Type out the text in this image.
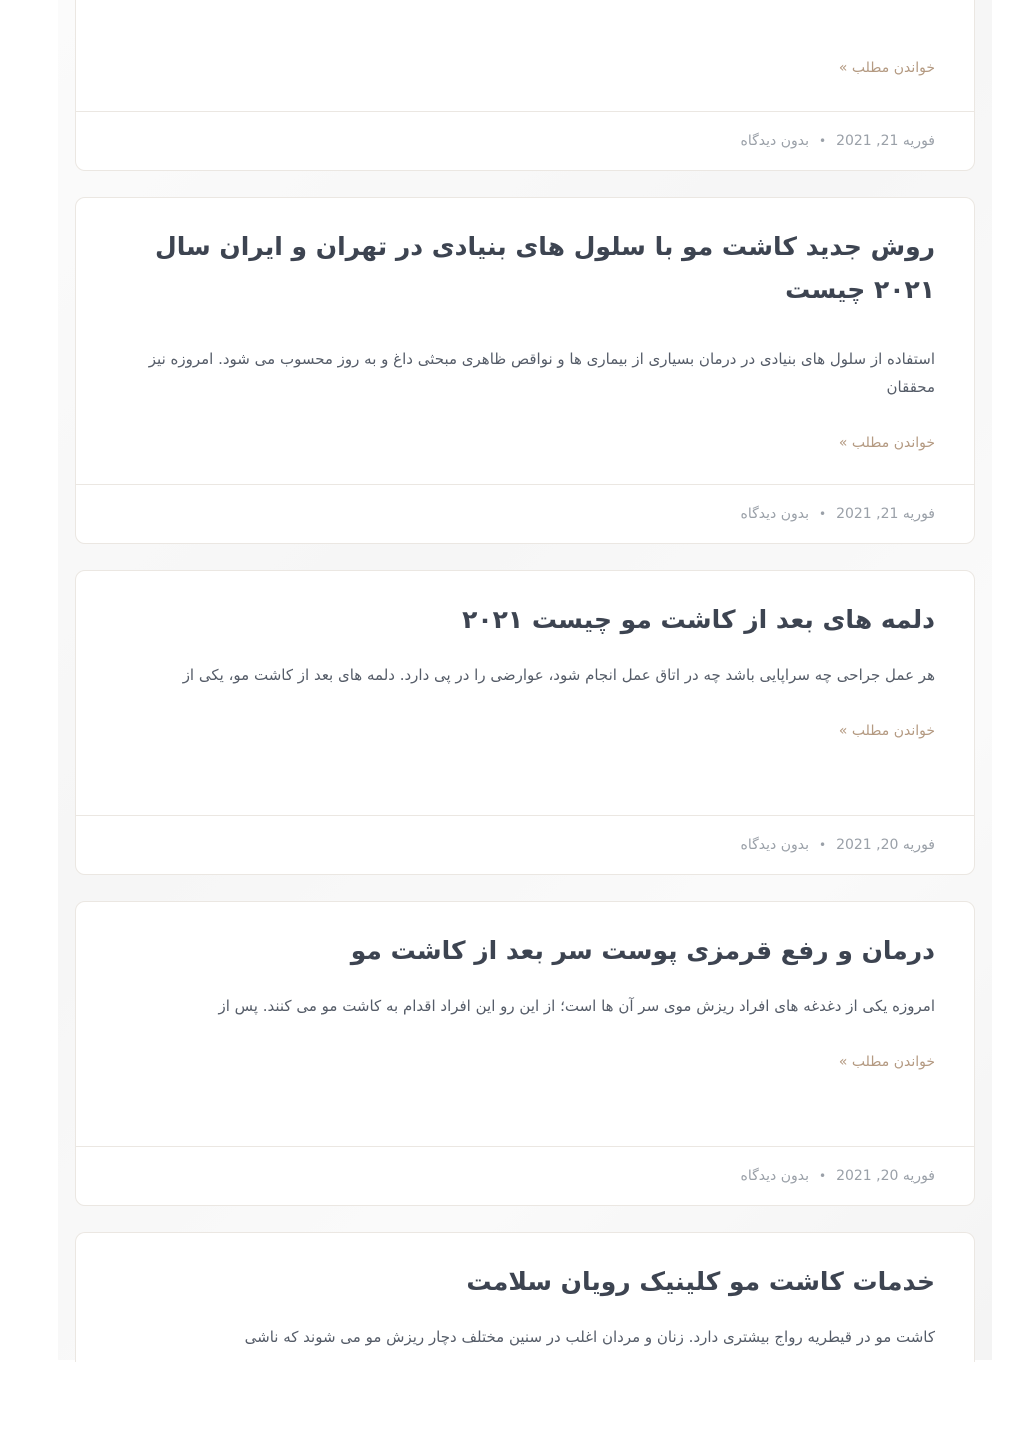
خواندن مطلب »
فوریه 21, 2021•بدون دیدگاه
روش جدید کاشت مو با سلول های بنیادی در تهران و ایران سال ۲۰۲۱ چیست

استفاده از سلول های بنیادی در درمان بسیاری از بیماری ها و نواقص ظاهری مبحثی داغ و به روز محسوب می شود. امروزه نیز محققان

خواندن مطلب »
فوریه 21, 2021•بدون دیدگاه
دلمه های بعد از کاشت مو چیست ۲۰۲۱

هر عمل جراحی چه سراپایی باشد چه در اتاق عمل انجام شود، عوارضی را در پی دارد. دلمه های بعد از کاشت مو، یکی از

خواندن مطلب »
فوریه 20, 2021•بدون دیدگاه
درمان و رفع قرمزی پوست سر بعد از کاشت مو

امروزه یکی از دغدغه های افراد ریزش موی سر آن ها است؛ از این رو این افراد اقدام به کاشت مو می کنند. پس از

خواندن مطلب »
فوریه 20, 2021•بدون دیدگاه
خدمات کاشت مو کلینیک رویان سلامت

کاشت مو در قیطریه رواج بیشتری دارد. زنان و مردان اغلب در سنین مختلف دچار ریزش مو می شوند که ناشی
